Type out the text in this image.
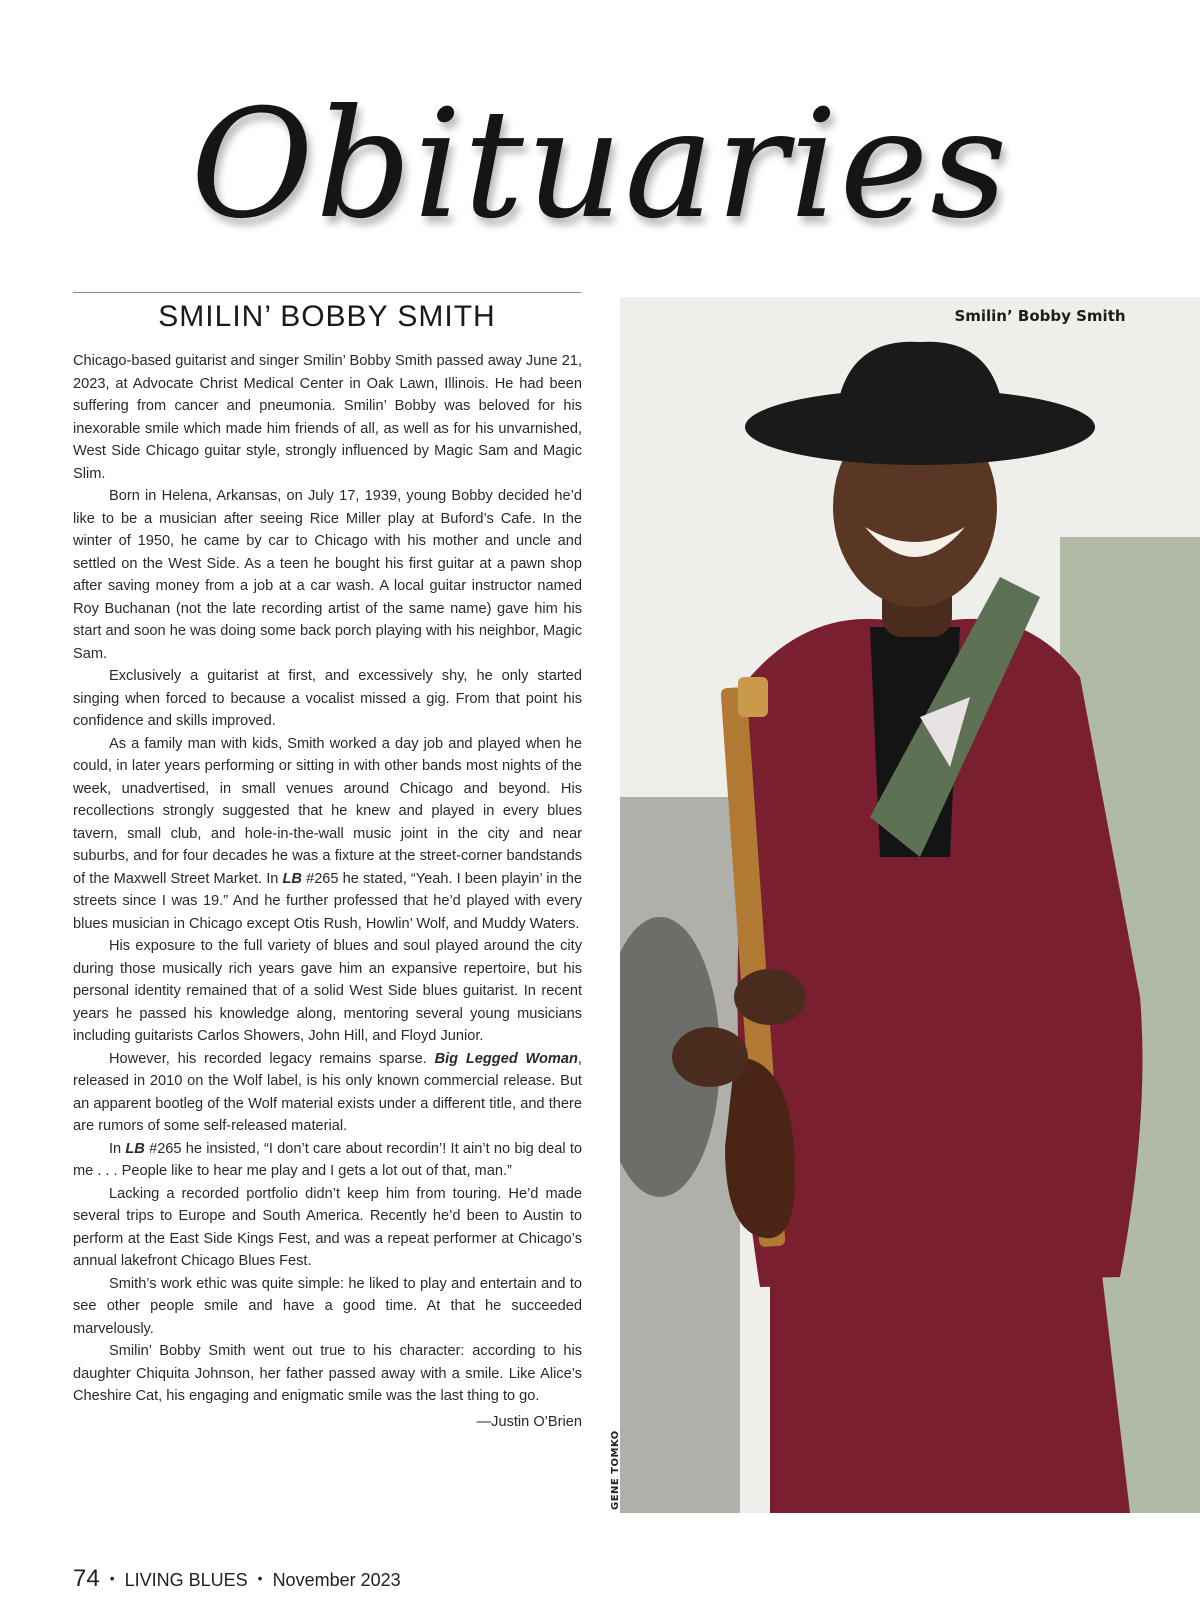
Obituaries
SMILIN’ BOBBY SMITH

Chicago-based guitarist and singer Smilin’ Bobby Smith passed away June 21, 2023, at Advocate Christ Medical Center in Oak Lawn, Illinois. He had been suffering from cancer and pneumonia. Smilin’ Bobby was beloved for his inexorable smile which made him friends of all, as well as for his unvarnished, West Side Chicago guitar style, strongly influenced by Magic Sam and Magic Slim.

Born in Helena, Arkansas, on July 17, 1939, young Bobby decided he’d like to be a musician after seeing Rice Miller play at Buford’s Cafe. In the winter of 1950, he came by car to Chicago with his mother and uncle and settled on the West Side. As a teen he bought his first guitar at a pawn shop after saving money from a job at a car wash. A local guitar instructor named Roy Buchanan (not the late recording artist of the same name) gave him his start and soon he was doing some back porch playing with his neighbor, Magic Sam.

Exclusively a guitarist at first, and excessively shy, he only started singing when forced to because a vocalist missed a gig. From that point his confidence and skills improved.

As a family man with kids, Smith worked a day job and played when he could, in later years performing or sitting in with other bands most nights of the week, unadvertised, in small venues around Chicago and beyond. His recollections strongly suggested that he knew and played in every blues tavern, small club, and hole-in-the-wall music joint in the city and near suburbs, and for four decades he was a fixture at the street-corner bandstands of the Maxwell Street Market. In LB #265 he stated, “Yeah. I been playin’ in the streets since I was 19.” And he further professed that he’d played with every blues musician in Chicago except Otis Rush, Howlin’ Wolf, and Muddy Waters.

His exposure to the full variety of blues and soul played around the city during those musically rich years gave him an expansive repertoire, but his personal identity remained that of a solid West Side blues guitarist. In recent years he passed his knowledge along, mentoring several young musicians including guitarists Carlos Showers, John Hill, and Floyd Junior.

However, his recorded legacy remains sparse. Big Legged Woman, released in 2010 on the Wolf label, is his only known commercial release. But an apparent bootleg of the Wolf material exists under a different title, and there are rumors of some self-released material.

In LB #265 he insisted, “I don’t care about recordin’! It ain’t no big deal to me . . . People like to hear me play and I gets a lot out of that, man.”

Lacking a recorded portfolio didn’t keep him from touring. He’d made several trips to Europe and South America. Recently he’d been to Austin to perform at the East Side Kings Fest, and was a repeat performer at Chicago’s annual lakefront Chicago Blues Fest.

Smith’s work ethic was quite simple: he liked to play and entertain and to see other people smile and have a good time. At that he succeeded marvelously.

Smilin’ Bobby Smith went out true to his character: according to his daughter Chiquita Johnson, her father passed away with a smile. Like Alice’s Cheshire Cat, his engaging and enigmatic smile was the last thing to go.

—Justin O’Brien
Smilin’ Bobby Smith
GENE TOMKO
74 • LIVING BLUES • November 2023
